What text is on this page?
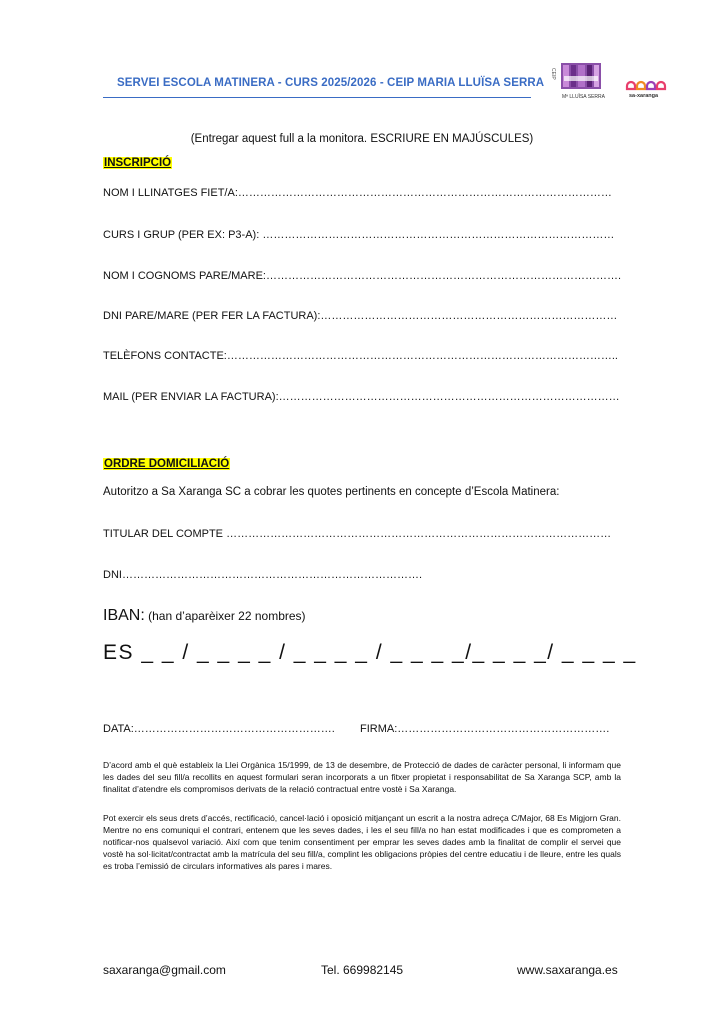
SERVEI ESCOLA MATINERA - CURS 2025/2026 - CEIP MARIA LLUÏSA SERRA
CEIP
Mª LLUÏSA SERRA	sa-xaranga
(Entregar aquest full a la monitora. ESCRIURE EN MAJÚSCULES)
INSCRIPCIÓ
NOM I LLINATGES FIET/A:…………………………………………………………………………………………
CURS I GRUP (PER EX: P3-A): ……………………………………………………………………………………
NOM I COGNOMS PARE/MARE:…………………………………………………………………………………….
DNI PARE/MARE (PER FER LA FACTURA):………………………………………………………………………
TELÈFONS CONTACTE:……………………………………………………………………………………………..
MAIL (PER ENVIAR LA FACTURA):…………………………………………………………………………………
ORDRE DOMICILIACIÓ
Autoritzo a Sa Xaranga SC a cobrar les quotes pertinents en concepte d’Escola Matinera:
TITULAR DEL COMPTE ……………………………………………………………………………………………
DNI……………………………………………………………………….
IBAN: (han d’aparèixer 22 nombres)
ES _ _ / _ _ _ _ / _ _ _ _ / _ _ _ _/_ _ _ _/ _ _ _ _
DATA:………………………………………………. FIRMA:………………………………………………….
D’acord amb el què estableix la Llei Orgànica 15/1999, de 13 de desembre, de Protecció de dades de caràcter personal, li informam que les dades del seu fill/a recollits en aquest formulari seran incorporats a un fitxer propietat i responsabilitat de Sa Xaranga SCP, amb la finalitat d’atendre els compromisos derivats de la relació contractual entre vostè i Sa Xaranga.
Pot exercir els seus drets d’accés, rectificació, cancel·lació i oposició mitjançant un escrit a la nostra adreça C/Major, 68 Es Migjorn Gran. Mentre no ens comuniqui el contrari, entenem que les seves dades, i les el seu fill/a no han estat modificades i que es comprometen a notificar-nos qualsevol variació. Així com que tenim consentiment per emprar les seves dades amb la finalitat de complir el servei que vostè ha sol·licitat/contractat amb la matrícula del seu fill/a, complint les obligacions pròpies del centre educatiu i de lleure, entre les quals es troba l’emissió de circulars informatives als pares i mares.
saxaranga@gmail.com	Tel. 669982145	www.saxaranga.es
